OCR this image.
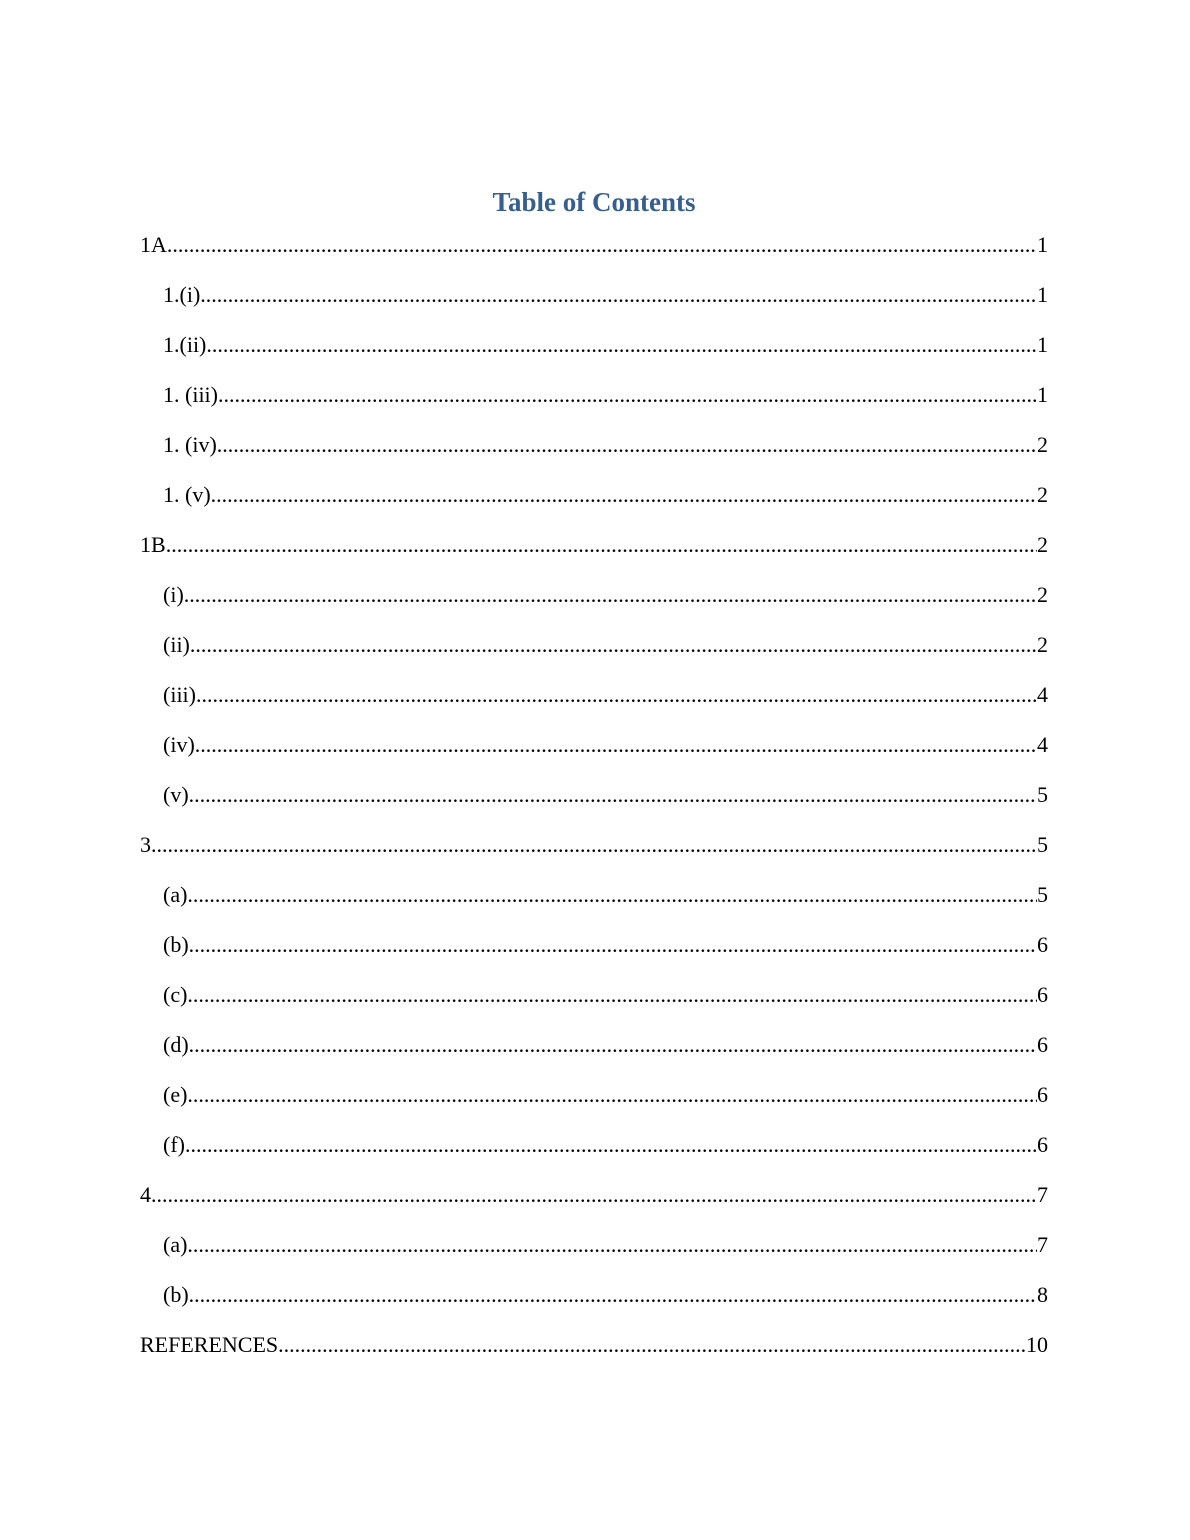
Table of Contents
1A .....	1
1.(i) .....	1
1.(ii) .....	1
1. (iii) .....	1
1. (iv) .....	2
1. (v) .....	2
1B .....	2
(i) .....	2
(ii) .....	2
(iii) .....	4
(iv) .....	4
(v) .....	5
3 .....	5
(a) .....	5
(b) .....	6
(c) .....	6
(d) .....	6
(e) .....	6
(f) .....	6
4 .....	7
(a) .....	7
(b) .....	8
REFERENCES .....	10
